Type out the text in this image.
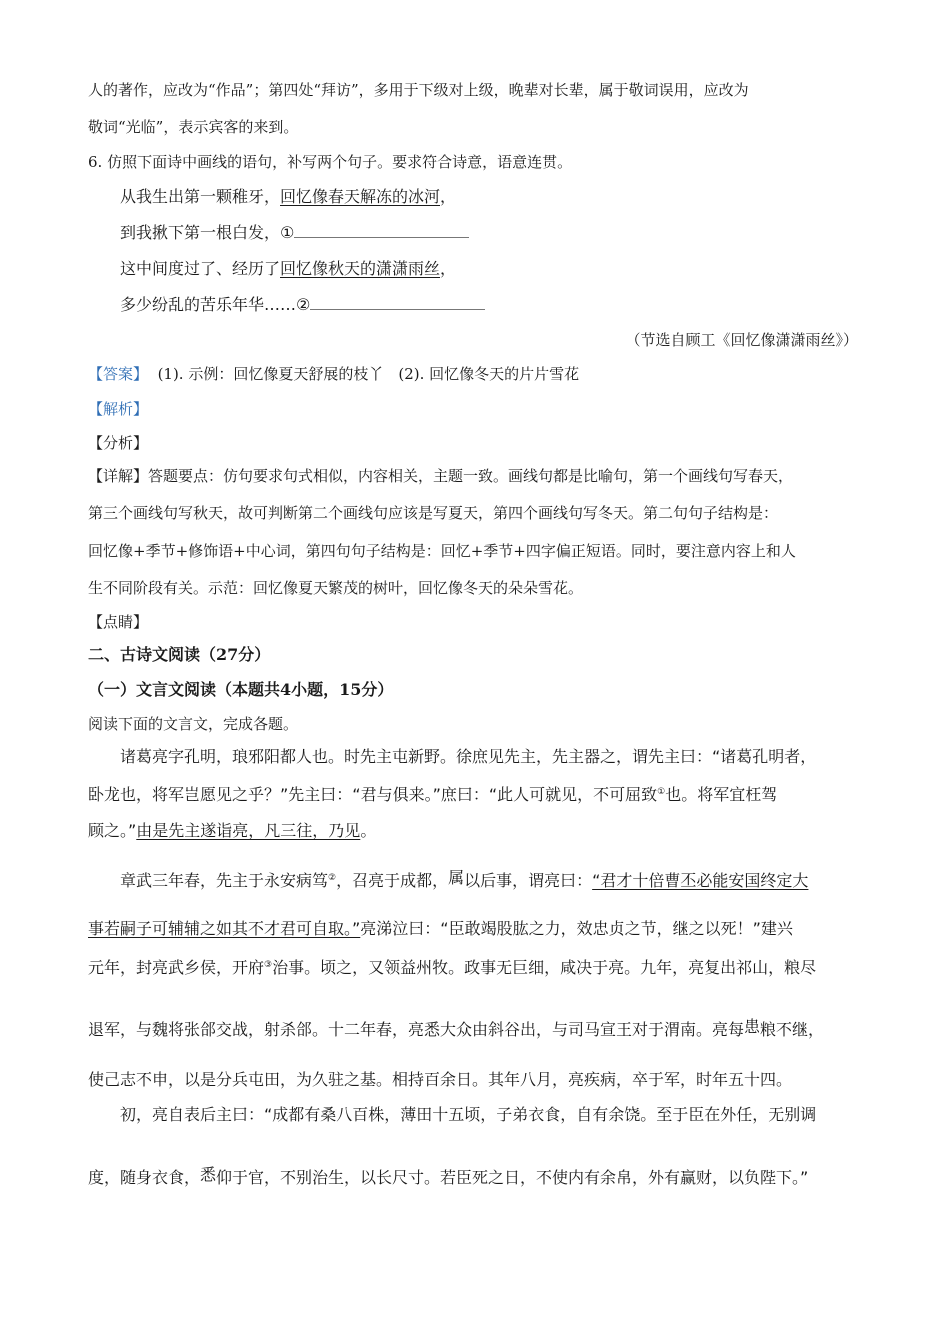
人的著作，应改为“作品”；第四处“拜访”，多用于下级对上级，晚辈对长辈，属于敬词误用，应改为
敬词“光临”，表示宾客的来到。
6. 仿照下面诗中画线的语句，补写两个句子。要求符合诗意，语意连贯。
从我生出第一颗稚牙，回忆像春天解冻的冰河，
到我揪下第一根白发，①
这中间度过了、经历了回忆像秋天的潇潇雨丝，
多少纷乱的苦乐年华……②
（节选自顾工《回忆像潇潇雨丝》）
【答案】 (1). 示例：回忆像夏天舒展的枝丫　(2). 回忆像冬天的片片雪花
【解析】
【分析】
【详解】答题要点：仿句要求句式相似，内容相关，主题一致。画线句都是比喻句，第一个画线句写春天，
第三个画线句写秋天，故可判断第二个画线句应该是写夏天，第四个画线句写冬天。第二句句子结构是：
回忆像+季节+修饰语+中心词，第四句句子结构是：回忆+季节+四字偏正短语。同时，要注意内容上和人
生不同阶段有关。示范：回忆像夏天繁茂的树叶，回忆像冬天的朵朵雪花。
【点睛】
二、古诗文阅读（27分）
（一）文言文阅读（本题共4小题，15分）
阅读下面的文言文，完成各题。
诸葛亮字孔明，琅邪阳都人也。时先主屯新野。徐庶见先主，先主器之，谓先主曰：“诸葛孔明者，
卧龙也，将军岂愿见之乎？”先主曰：“君与俱来。”庶曰：“此人可就见，不可屈致①也。将军宜枉驾
顾之。”由是先主遂诣亮，凡三往，乃见。
章武三年春，先主于永安病笃②，召亮于成都，属以后事，谓亮曰：“君才十倍曹丕必能安国终定大
事若嗣子可辅辅之如其不才君可自取。”亮涕泣曰：“臣敢竭股肱之力，效忠贞之节，继之以死！”建兴
元年，封亮武乡侯，开府③治事。顷之，又领益州牧。政事无巨细，咸决于亮。九年，亮复出祁山，粮尽
退军，与魏将张郃交战，射杀郃。十二年春，亮悉大众由斜谷出，与司马宣王对于渭南。亮每患粮不继，
使己志不申，以是分兵屯田，为久驻之基。相持百余日。其年八月，亮疾病，卒于军，时年五十四。
初，亮自表后主曰：“成都有桑八百株，薄田十五顷，子弟衣食，自有余饶。至于臣在外任，无别调
度，随身衣食，悉仰于官，不别治生，以长尺寸。若臣死之日，不使内有余帛，外有赢财，以负陛下。”
